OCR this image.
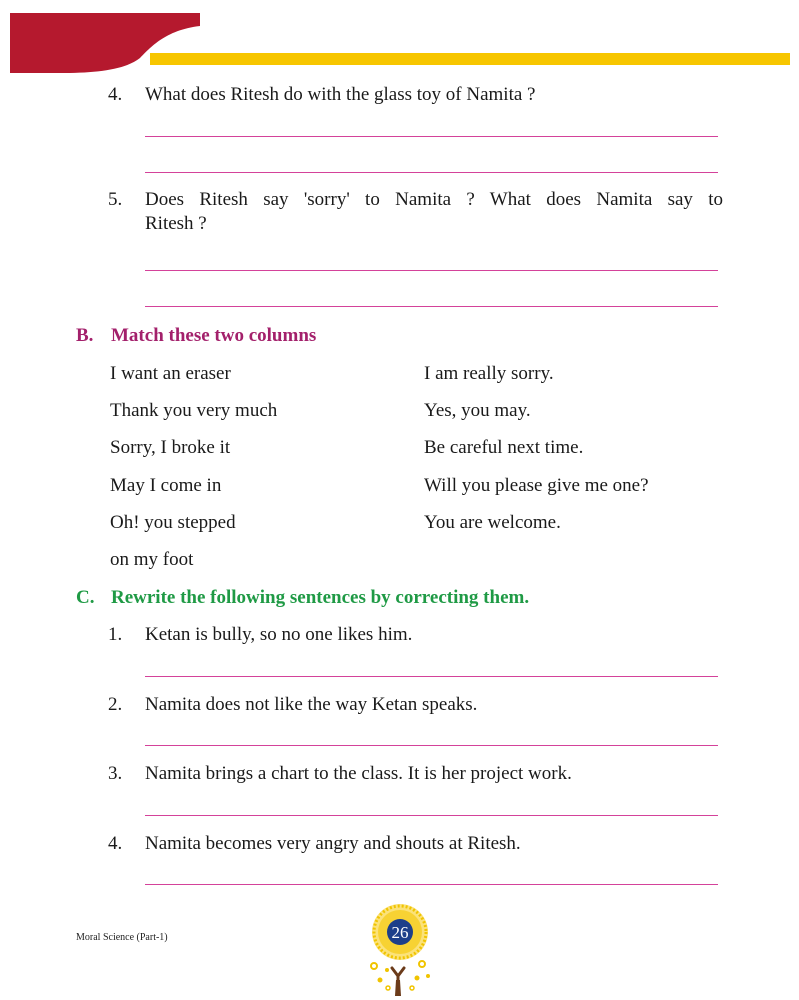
4. What does Ritesh do with the glass toy of Namita ?
5. Does Ritesh say 'sorry' to Namita ? What does Namita say to
Ritesh ?
B. Match these two columns
I want an eraser
Thank you very much
Sorry, I broke it
May I come in
Oh! you stepped
on my foot
I am really sorry.
Yes, you may.
Be careful next time.
Will you please give me one?
You are welcome.
C. Rewrite the following sentences by correcting them.
1. Ketan is bully, so no one likes him.
2. Namita does not like the way Ketan speaks.
3. Namita brings a chart to the class. It is her project work.
4. Namita becomes very angry and shouts at Ritesh.
Moral Science (Part-1)	26
